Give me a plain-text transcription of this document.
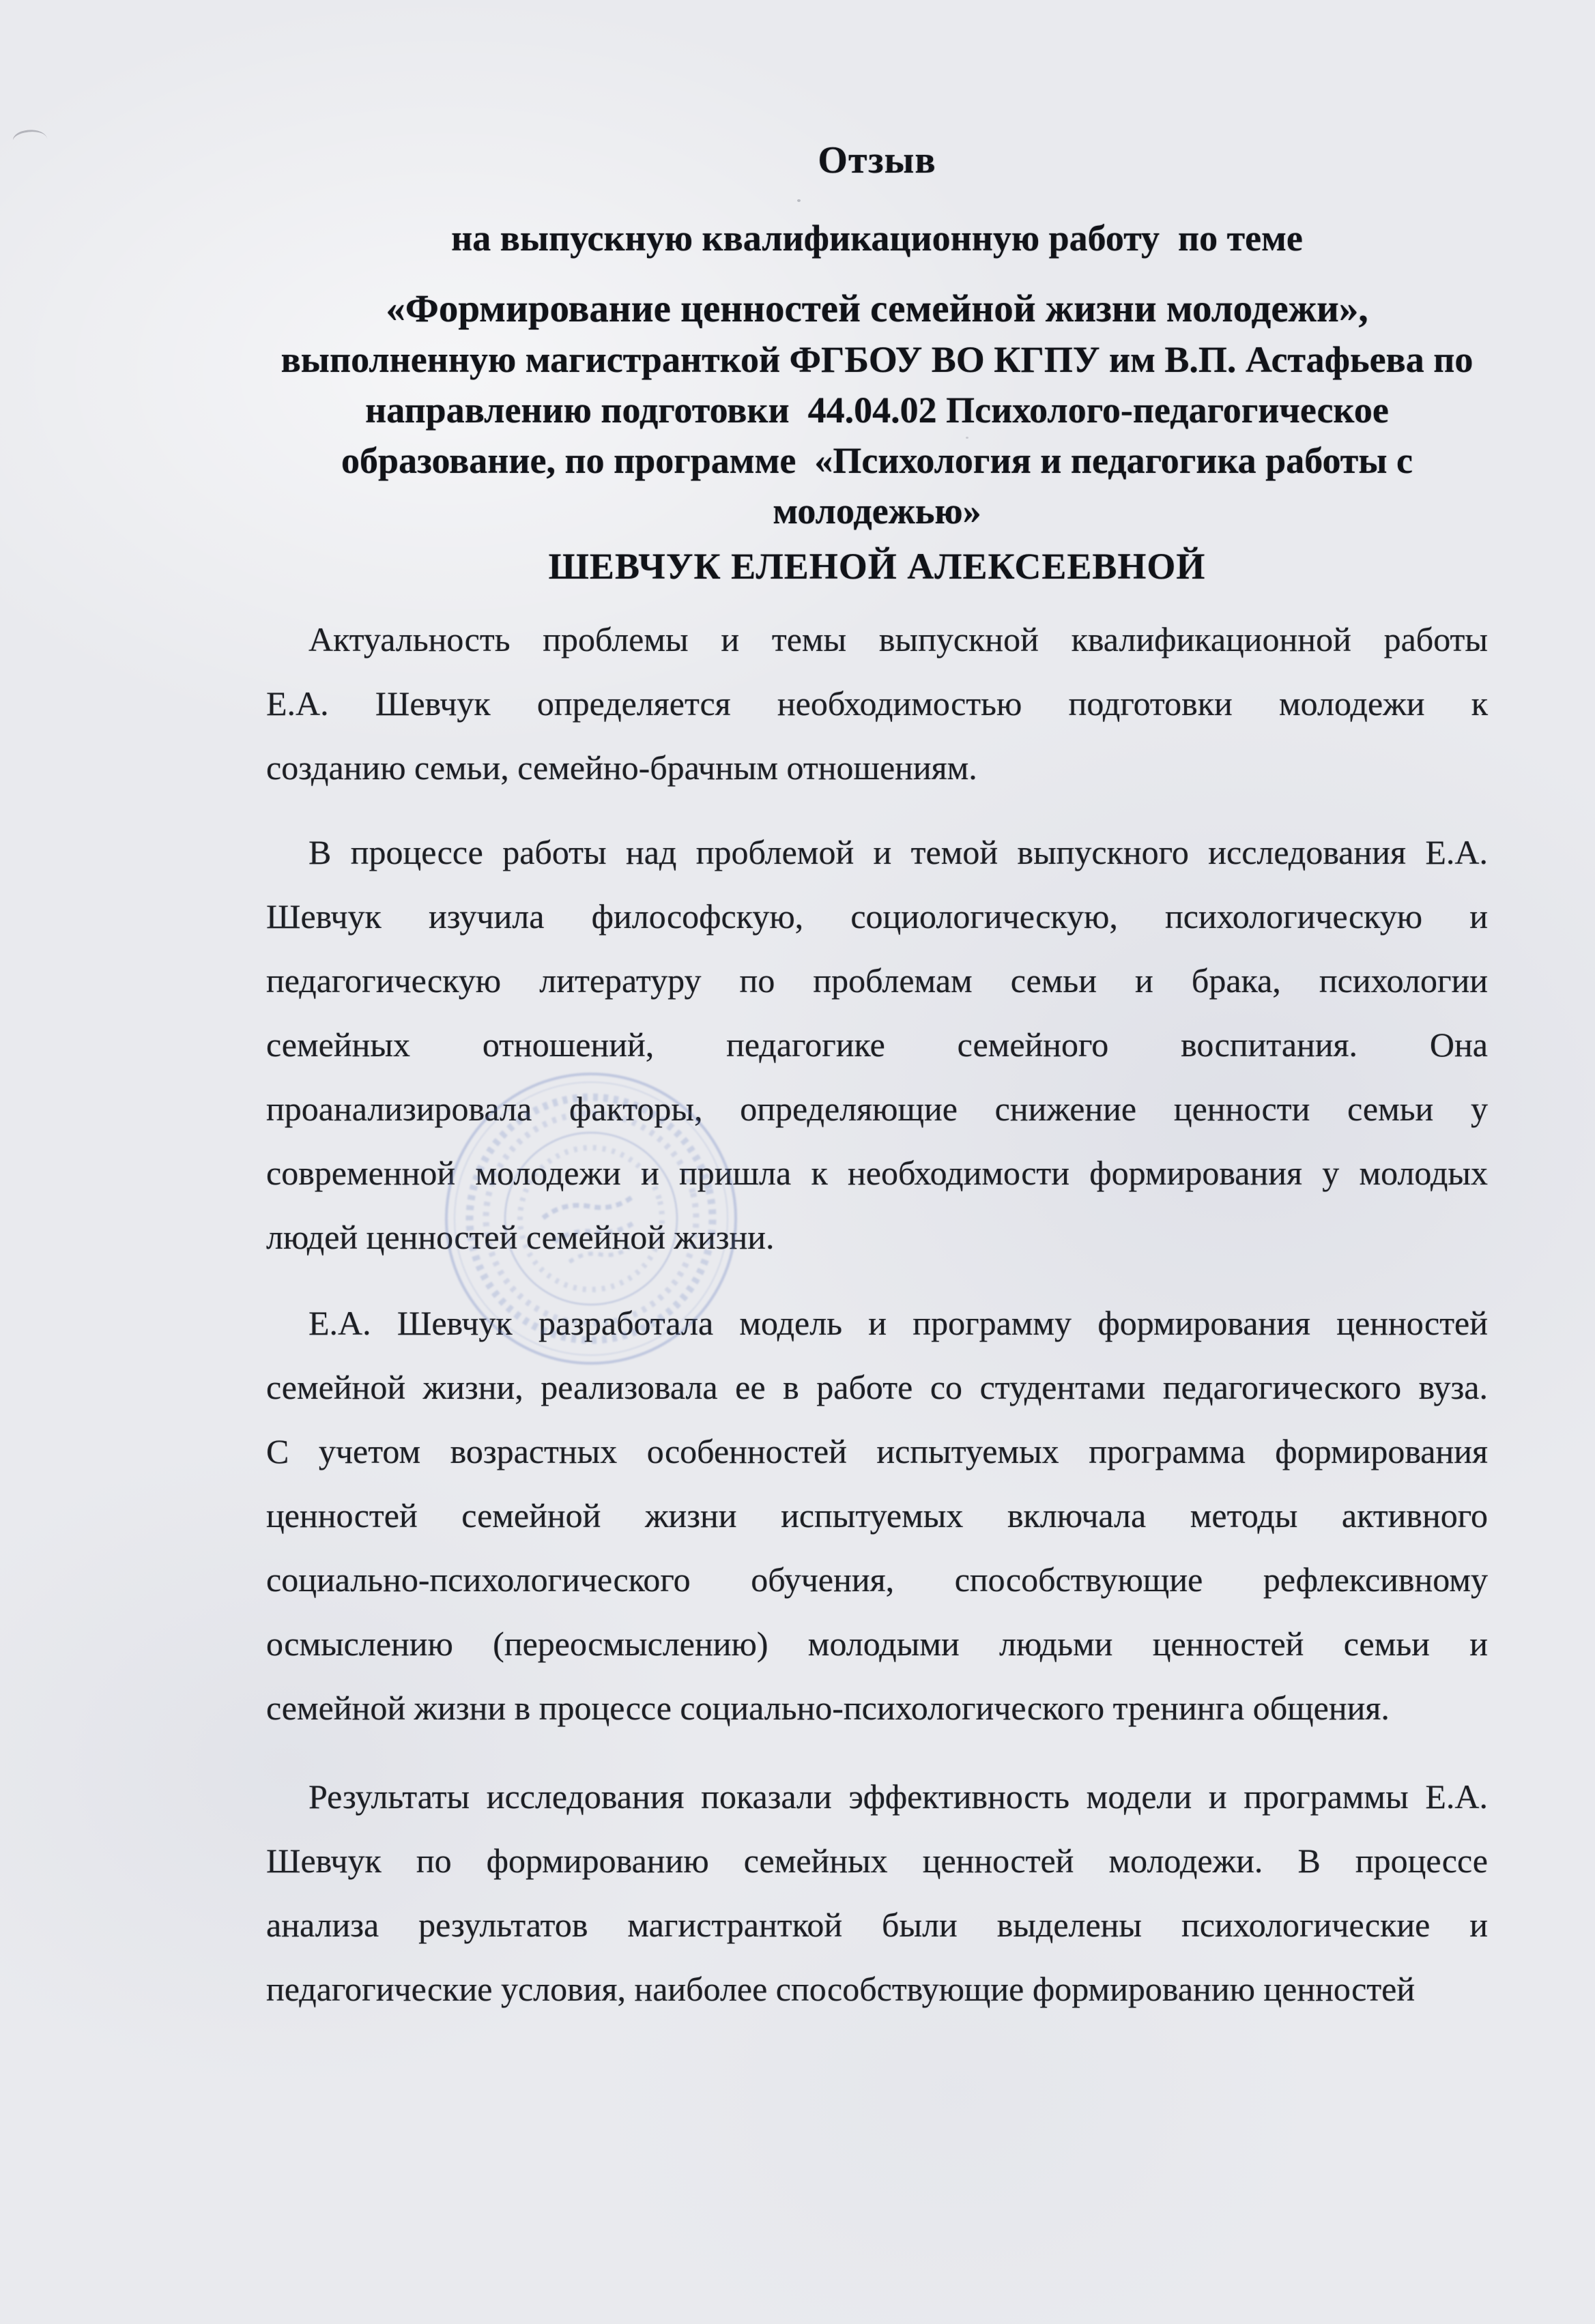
Отзыв
на выпускную квалификационную работу  по теме
«Формирование ценностей семейной жизни молодежи»,
выполненную магистранткой ФГБОУ ВО КГПУ им В.П. Астафьева по
направлению подготовки  44.04.02 Психолого-педагогическое
образование, по программе  «Психология и педагогика работы с
молодежью»
ШЕВЧУК ЕЛЕНОЙ АЛЕКСЕЕВНОЙ
Актуальность проблемы и темы выпускной квалификационной работы
Е.А. Шевчук определяется необходимостью подготовки молодежи к
созданию семьи, семейно-брачным отношениям.
В процессе работы над проблемой и темой выпускного исследования Е.А.
Шевчук изучила философскую, социологическую, психологическую и
педагогическую литературу по проблемам семьи и брака, психологии
семейных отношений, педагогике семейного воспитания. Она
проанализировала факторы, определяющие снижение ценности семьи у
современной молодежи и пришла к необходимости формирования у молодых
людей ценностей семейной жизни.
Е.А. Шевчук разработала модель и программу формирования ценностей
семейной жизни, реализовала ее в работе со студентами педагогического вуза.
С учетом возрастных особенностей испытуемых программа формирования
ценностей семейной жизни испытуемых включала методы активного
социально-психологического обучения, способствующие рефлексивному
осмыслению (переосмыслению) молодыми людьми ценностей семьи и
семейной жизни в процессе социально-психологического тренинга общения.
Результаты исследования показали эффективность модели и программы Е.А.
Шевчук по формированию семейных ценностей молодежи. В процессе
анализа результатов магистранткой были выделены психологические и
педагогические условия, наиболее способствующие формированию ценностей
